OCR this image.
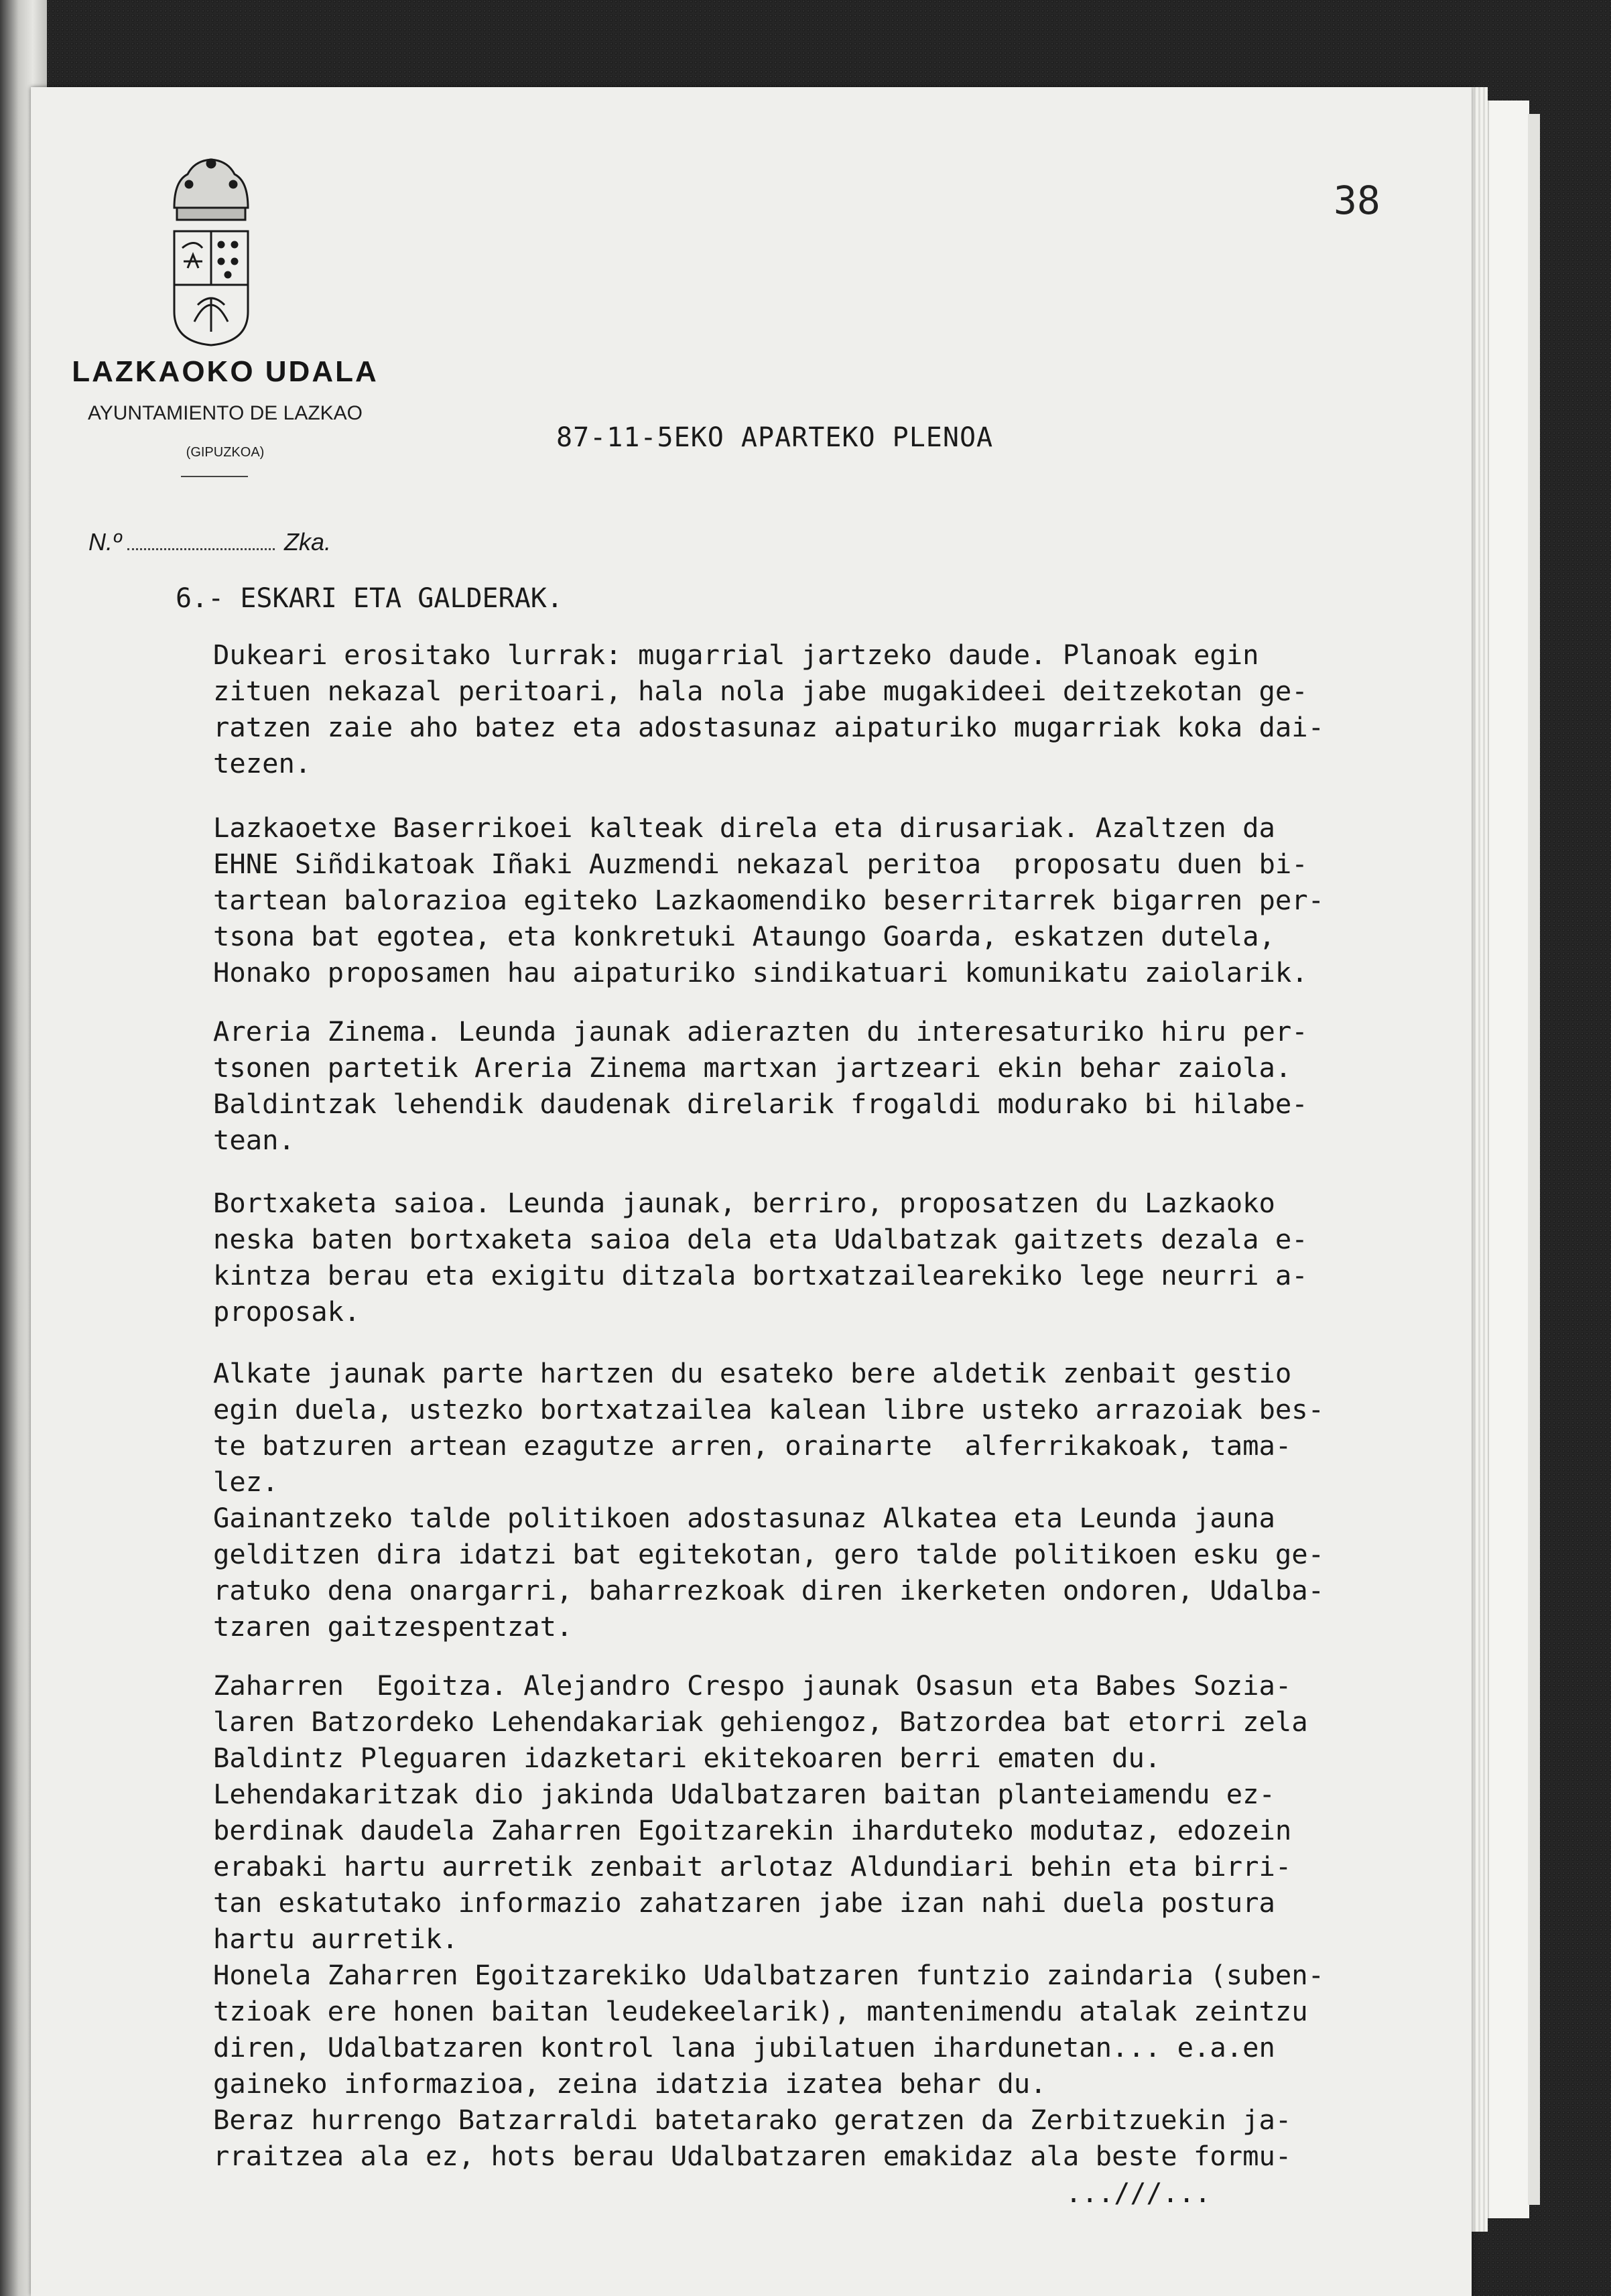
LAZKAOKO UDALA
AYUNTAMIENTO DE LAZKAO
(GIPUZKOA)
38
87-11-5EKO APARTEKO PLENOA
N.º	Zka.
6.- ESKARI ETA GALDERAK.
Dukeari erositako lurrak: mugarrial jartzeko daude. Planoak egin
zituen nekazal peritoari, hala nola jabe mugakideei deitzekotan ge-
ratzen zaie aho batez eta adostasunaz aipaturiko mugarriak koka dai-
tezen.
Lazkaoetxe Baserrikoei kalteak direla eta dirusariak. Azaltzen da
EHNE Siñdikatoak Iñaki Auzmendi nekazal peritoa  proposatu duen bi-
tartean balorazioa egiteko Lazkaomendiko beserritarrek bigarren per-
tsona bat egotea, eta konkretuki Ataungo Goarda, eskatzen dutela,
Honako proposamen hau aipaturiko sindikatuari komunikatu zaiolarik.
Areria Zinema. Leunda jaunak adierazten du interesaturiko hiru per-
tsonen partetik Areria Zinema martxan jartzeari ekin behar zaiola.
Baldintzak lehendik daudenak direlarik frogaldi modurako bi hilabe-
tean.
Bortxaketa saioa. Leunda jaunak, berriro, proposatzen du Lazkaoko
neska baten bortxaketa saioa dela eta Udalbatzak gaitzets dezala e-
kintza berau eta exigitu ditzala bortxatzailearekiko lege neurri a-
proposak.
Alkate jaunak parte hartzen du esateko bere aldetik zenbait gestio
egin duela, ustezko bortxatzailea kalean libre usteko arrazoiak bes-
te batzuren artean ezagutze arren, orainarte  alferrikakoak, tama-
lez.
Gainantzeko talde politikoen adostasunaz Alkatea eta Leunda jauna
gelditzen dira idatzi bat egitekotan, gero talde politikoen esku ge-
ratuko dena onargarri, baharrezkoak diren ikerketen ondoren, Udalba-
tzaren gaitzespentzat.
Zaharren  Egoitza. Alejandro Crespo jaunak Osasun eta Babes Sozia-
laren Batzordeko Lehendakariak gehiengoz, Batzordea bat etorri zela
Baldintz Pleguaren idazketari ekitekoaren berri ematen du.
Lehendakaritzak dio jakinda Udalbatzaren baitan planteiamendu ez-
berdinak daudela Zaharren Egoitzarekin iharduteko modutaz, edozein
erabaki hartu aurretik zenbait arlotaz Aldundiari behin eta birri-
tan eskatutako informazio zahatzaren jabe izan nahi duela postura
hartu aurretik.
Honela Zaharren Egoitzarekiko Udalbatzaren funtzio zaindaria (suben-
tzioak ere honen baitan leudekeelarik), mantenimendu atalak zeintzu
diren, Udalbatzaren kontrol lana jubilatuen ihardunetan... e.a.en
gaineko informazioa, zeina idatzia izatea behar du.
Beraz hurrengo Batzarraldi batetarako geratzen da Zerbitzuekin ja-
rraitzea ala ez, hots berau Udalbatzaren emakidaz ala beste formu-
...///...
